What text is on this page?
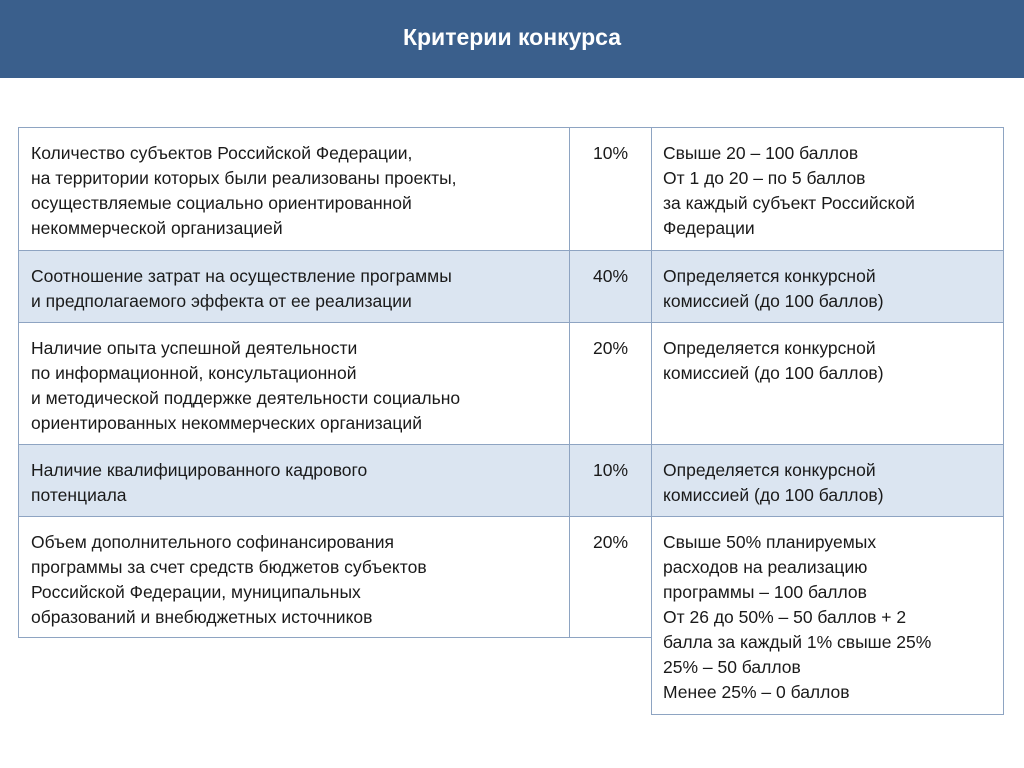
Критерии конкурса
Количество субъектов Российской Федерации,
на территории которых были реализованы проекты,
осуществляемые социально ориентированной
некоммерческой организацией
10%	Свыше 20 – 100 баллов
От 1 до 20 – по 5 баллов
за каждый субъект Российской
Федерации
Соотношение затрат на осуществление программы
и предполагаемого эффекта от ее реализации
40%	Определяется конкурсной
комиссией (до 100 баллов)
Наличие опыта успешной деятельности
по информационной, консультационной
и методической поддержке деятельности социально
ориентированных некоммерческих организаций
20%	Определяется конкурсной
комиссией (до 100 баллов)
Наличие квалифицированного кадрового
потенциала
10%	Определяется конкурсной
комиссией (до 100 баллов)
Объем дополнительного софинансирования
программы за счет средств бюджетов субъектов
Российской Федерации, муниципальных
образований и внебюджетных источников
20%	Свыше 50% планируемых
расходов на реализацию
программы – 100 баллов
От 26 до 50% – 50 баллов + 2
балла за каждый 1% свыше 25%
25% – 50 баллов
Менее 25% – 0 баллов
